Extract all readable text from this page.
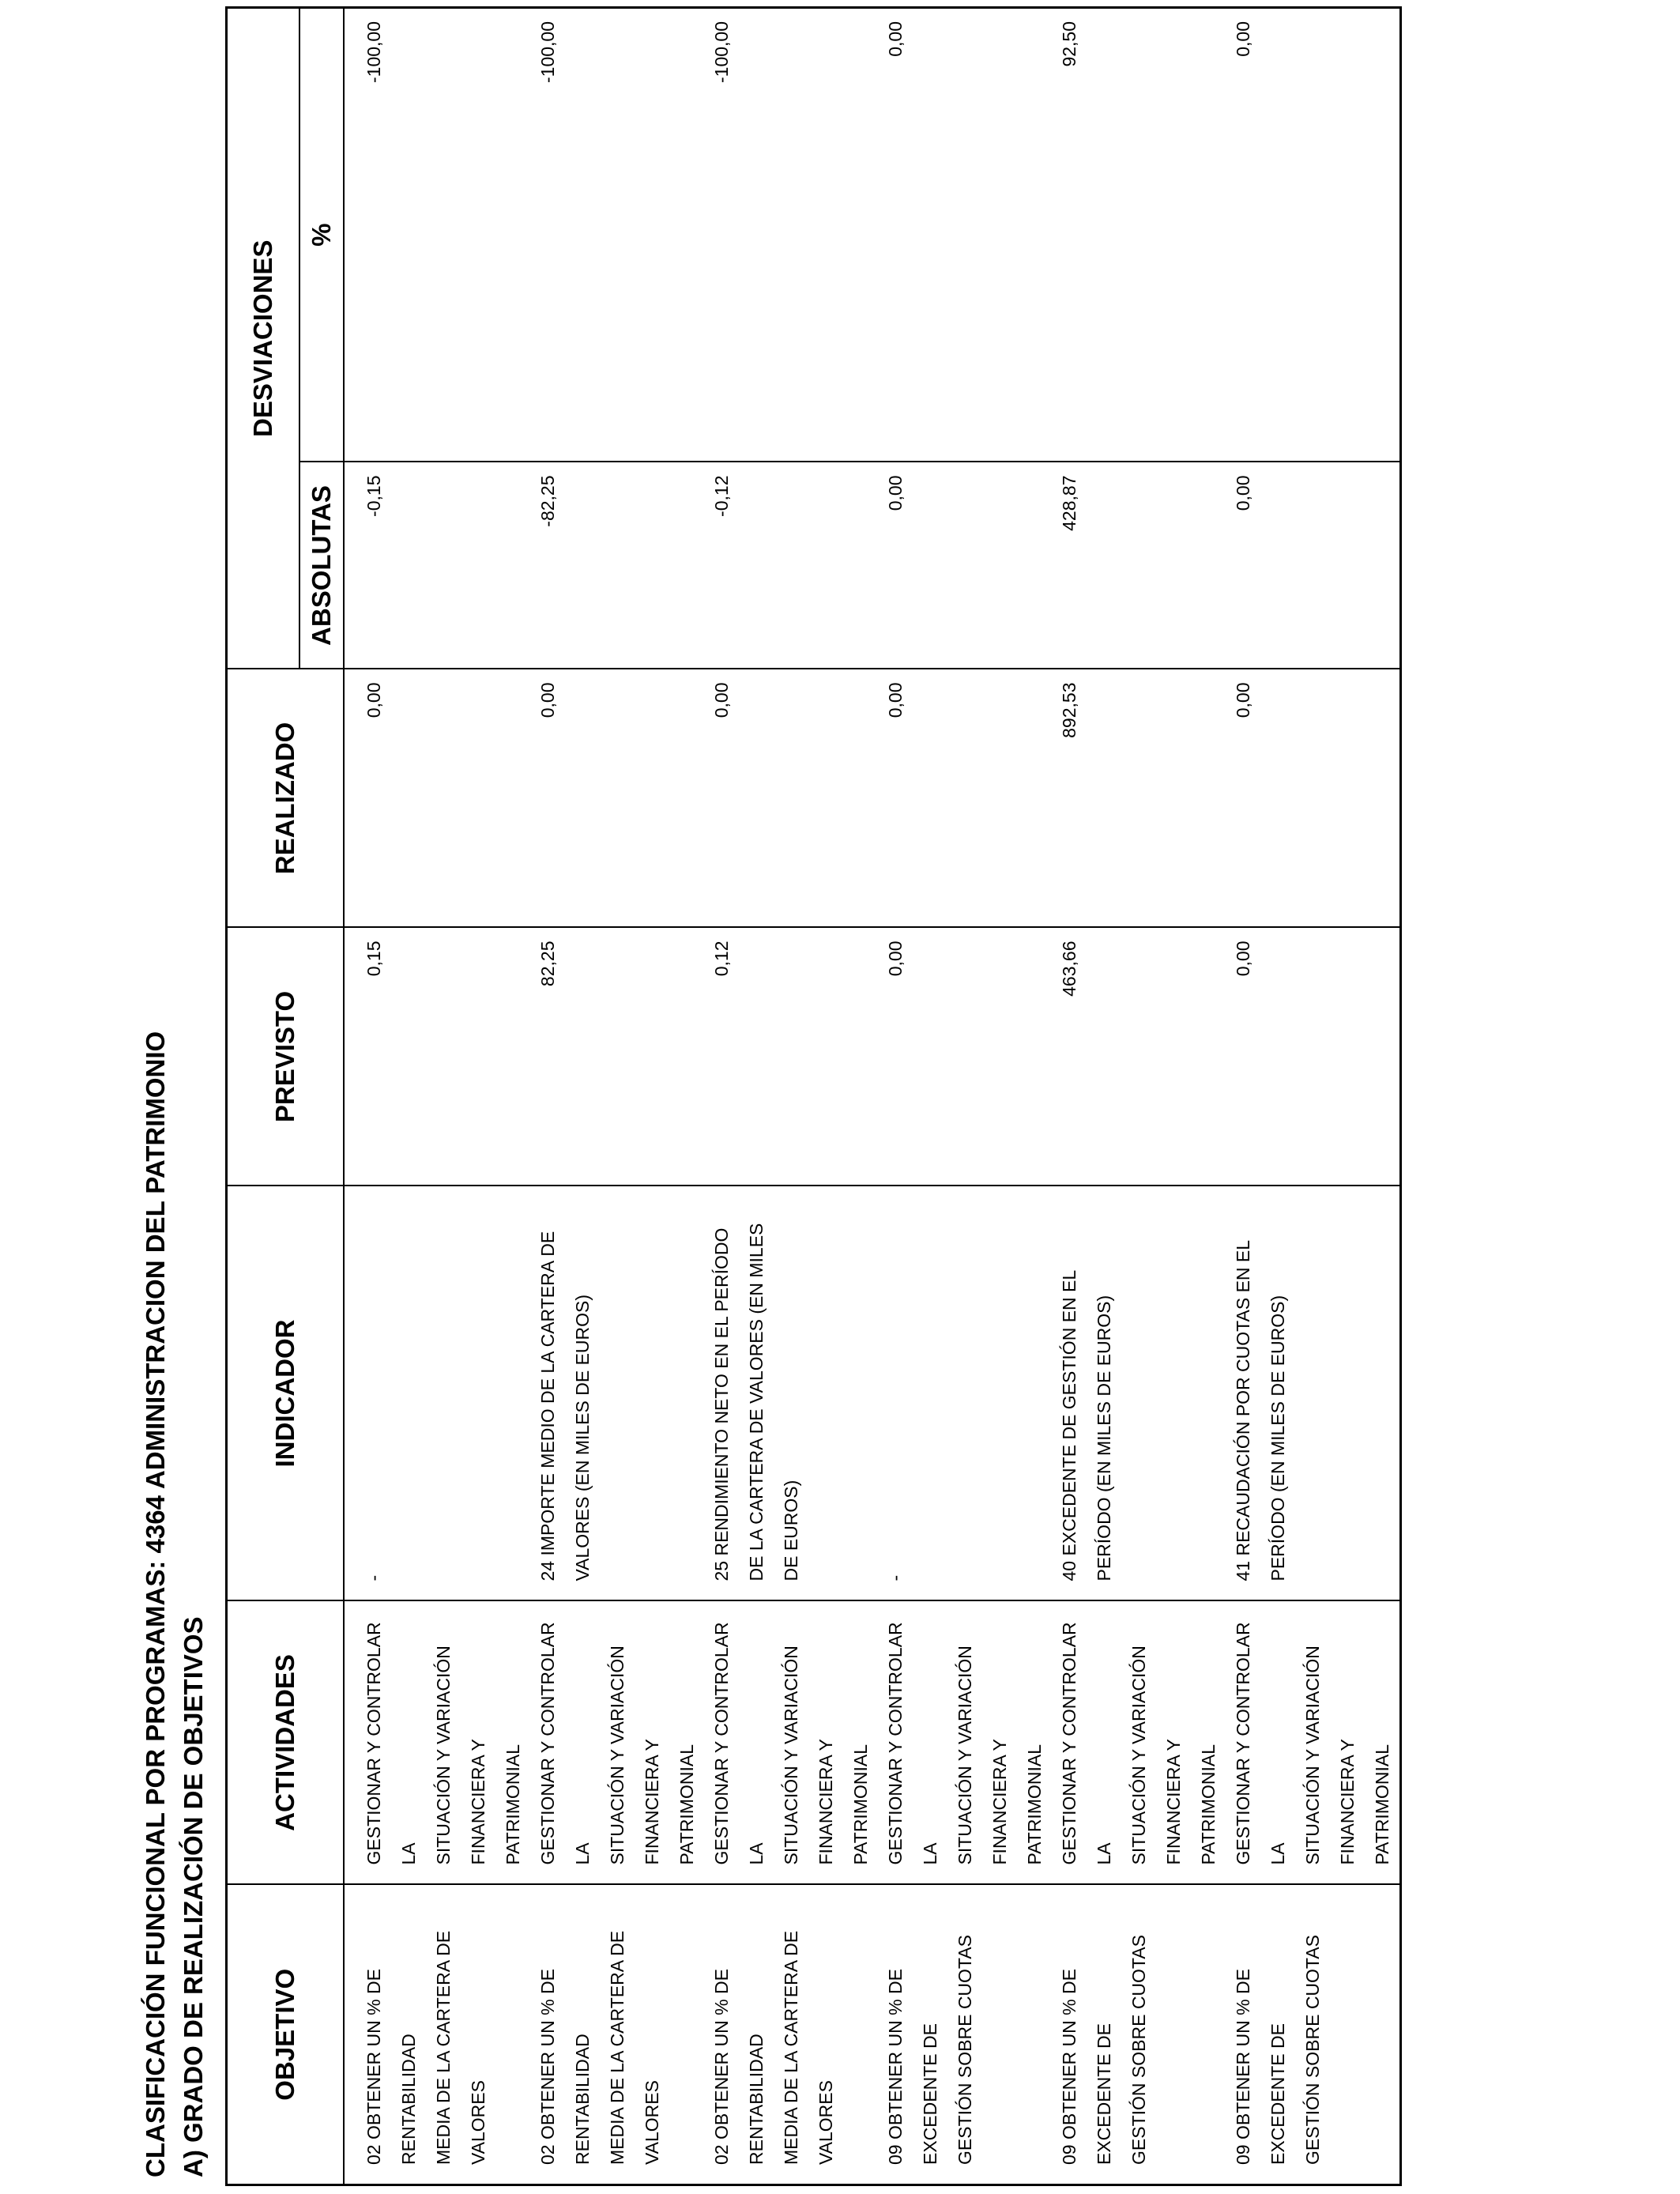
CLASIFICACIÓN FUNCIONAL POR PROGRAMAS: 4364 ADMINISTRACION DEL PATRIMONIO A) GRADO DE REALIZACIÓN DE OBJETIVOS OBJETIVO	ACTIVIDADES	INDICADOR	PREVISTO	REALIZADO	DESVIACIONES	
					ABSOLUTAS	%

02 OBTENER UN % DE RENTABILIDAD
MEDIA DE LA CARTERA DE VALORES	GESTIONAR Y CONTROLAR LA
SITUACIÓN Y VARIACIÓN FINANCIERA Y
PATRIMONIAL	-	0,15	0,00	-0,15	-100,00

02 OBTENER UN % DE RENTABILIDAD
MEDIA DE LA CARTERA DE VALORES	GESTIONAR Y CONTROLAR LA
SITUACIÓN Y VARIACIÓN FINANCIERA Y
PATRIMONIAL	24 IMPORTE MEDIO DE LA CARTERA DE
VALORES (EN MILES DE EUROS)	82,25	0,00	-82,25	-100,00

02 OBTENER UN % DE RENTABILIDAD
MEDIA DE LA CARTERA DE VALORES	GESTIONAR Y CONTROLAR LA
SITUACIÓN Y VARIACIÓN FINANCIERA Y
PATRIMONIAL	25 RENDIMIENTO NETO EN EL PERÍODO
DE LA CARTERA DE VALORES (EN MILES
DE EUROS)	0,12	0,00	-0,12	-100,00

09 OBTENER UN % DE EXCEDENTE DE
GESTIÓN SOBRE CUOTAS	GESTIONAR Y CONTROLAR LA
SITUACIÓN Y VARIACIÓN FINANCIERA Y
PATRIMONIAL	-	0,00	0,00	0,00	0,00

09 OBTENER UN % DE EXCEDENTE DE
GESTIÓN SOBRE CUOTAS	GESTIONAR Y CONTROLAR LA
SITUACIÓN Y VARIACIÓN FINANCIERA Y
PATRIMONIAL	40 EXCEDENTE DE GESTIÓN EN EL
PERÍODO (EN MILES DE EUROS)	463,66	892,53	428,87	92,50

09 OBTENER UN % DE EXCEDENTE DE
GESTIÓN SOBRE CUOTAS	GESTIONAR Y CONTROLAR LA
SITUACIÓN Y VARIACIÓN FINANCIERA Y
PATRIMONIAL	41 RECAUDACIÓN POR CUOTAS EN EL
PERÍODO (EN MILES DE EUROS)	0,00	0,00	0,00	0,00
